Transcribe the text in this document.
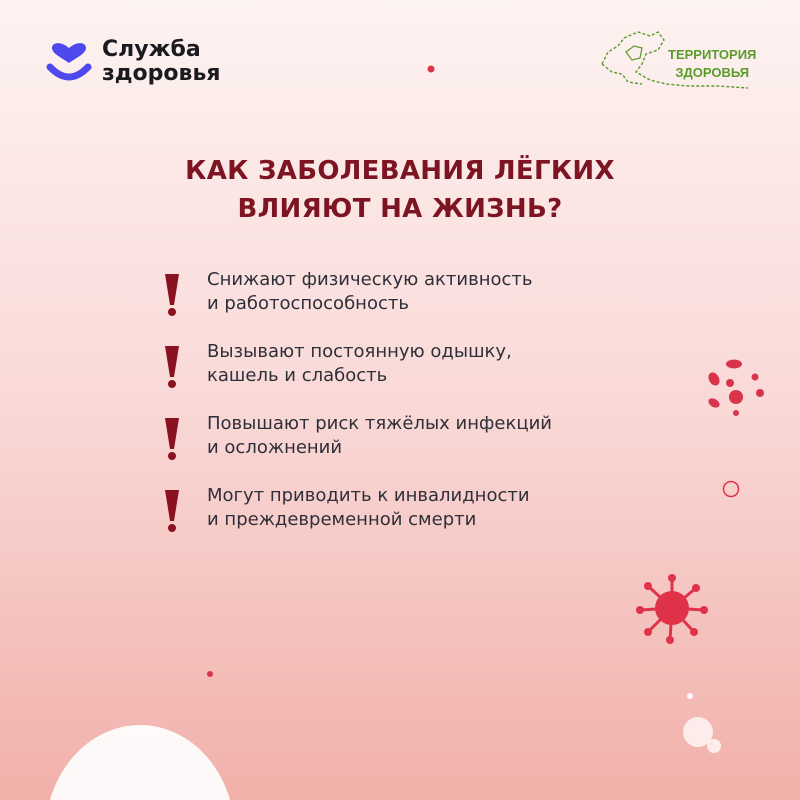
Служба
здоровья
ТЕРРИТОРИЯ
ЗДОРОВЬЯ
КАК ЗАБОЛЕВАНИЯ ЛЁГКИХ
ВЛИЯЮТ НА ЖИЗНЬ?
Снижают физическую активность
и работоспособность
Вызывают постоянную одышку,
кашель и слабость
Повышают риск тяжёлых инфекций
и осложнений
Могут приводить к инвалидности
и преждевременной смерти
